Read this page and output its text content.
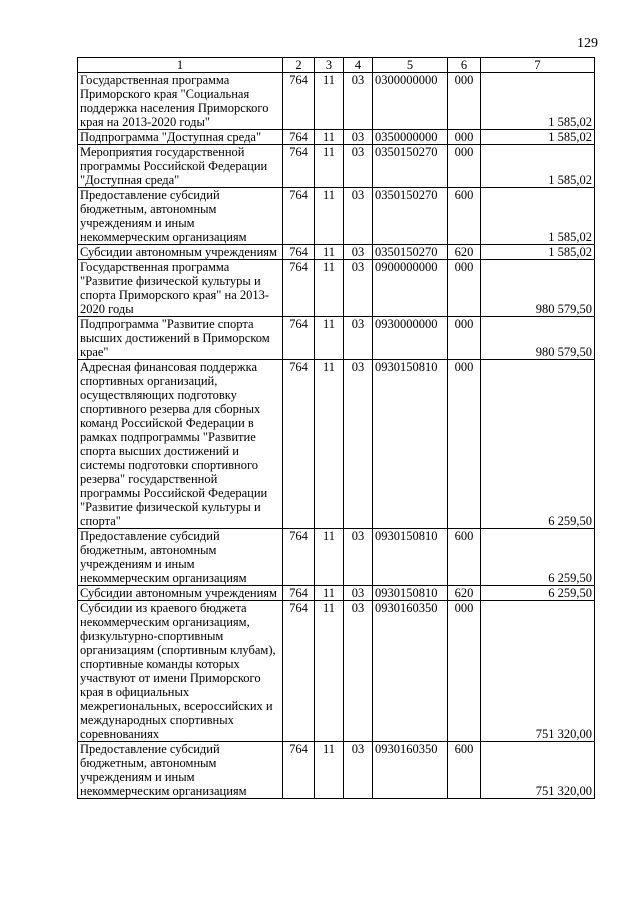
129
1	2	3	4	5	6	7
Государственная программа Приморского края "Социальная поддержка населения Приморского края на 2013-2020 годы"	764	11	03	0300000000	000	1 585,02
Подпрограмма "Доступная среда"	764	11	03	0350000000	000	1 585,02
Мероприятия государственной программы Российской Федерации "Доступная среда"	764	11	03	0350150270	000	1 585,02
Предоставление субсидий бюджетным, автономным учреждениям и иным некоммерческим организациям	764	11	03	0350150270	600	1 585,02
Субсидии автономным учреждениям	764	11	03	0350150270	620	1 585,02
Государственная программа "Развитие физической культуры и спорта Приморского края" на 2013-2020 годы	764	11	03	0900000000	000	980 579,50
Подпрограмма "Развитие спорта высших достижений в Приморском крае"	764	11	03	0930000000	000	980 579,50
Адресная финансовая поддержка спортивных организаций, осуществляющих подготовку спортивного резерва для сборных команд Российской Федерации в рамках подпрограммы "Развитие спорта высших достижений и системы подготовки спортивного резерва" государственной программы Российской Федерации "Развитие физической культуры и спорта"	764	11	03	0930150810	000	6 259,50
Предоставление субсидий бюджетным, автономным учреждениям и иным некоммерческим организациям	764	11	03	0930150810	600	6 259,50
Субсидии автономным учреждениям	764	11	03	0930150810	620	6 259,50
Субсидии из краевого бюджета некоммерческим организациям, физкультурно-спортивным организациям (спортивным клубам), спортивные команды которых участвуют от имени Приморского края в официальных межрегиональных, всероссийских и международных спортивных соревнованиях	764	11	03	0930160350	000	751 320,00
Предоставление субсидий бюджетным, автономным учреждениям и иным некоммерческим организациям	764	11	03	0930160350	600	751 320,00
